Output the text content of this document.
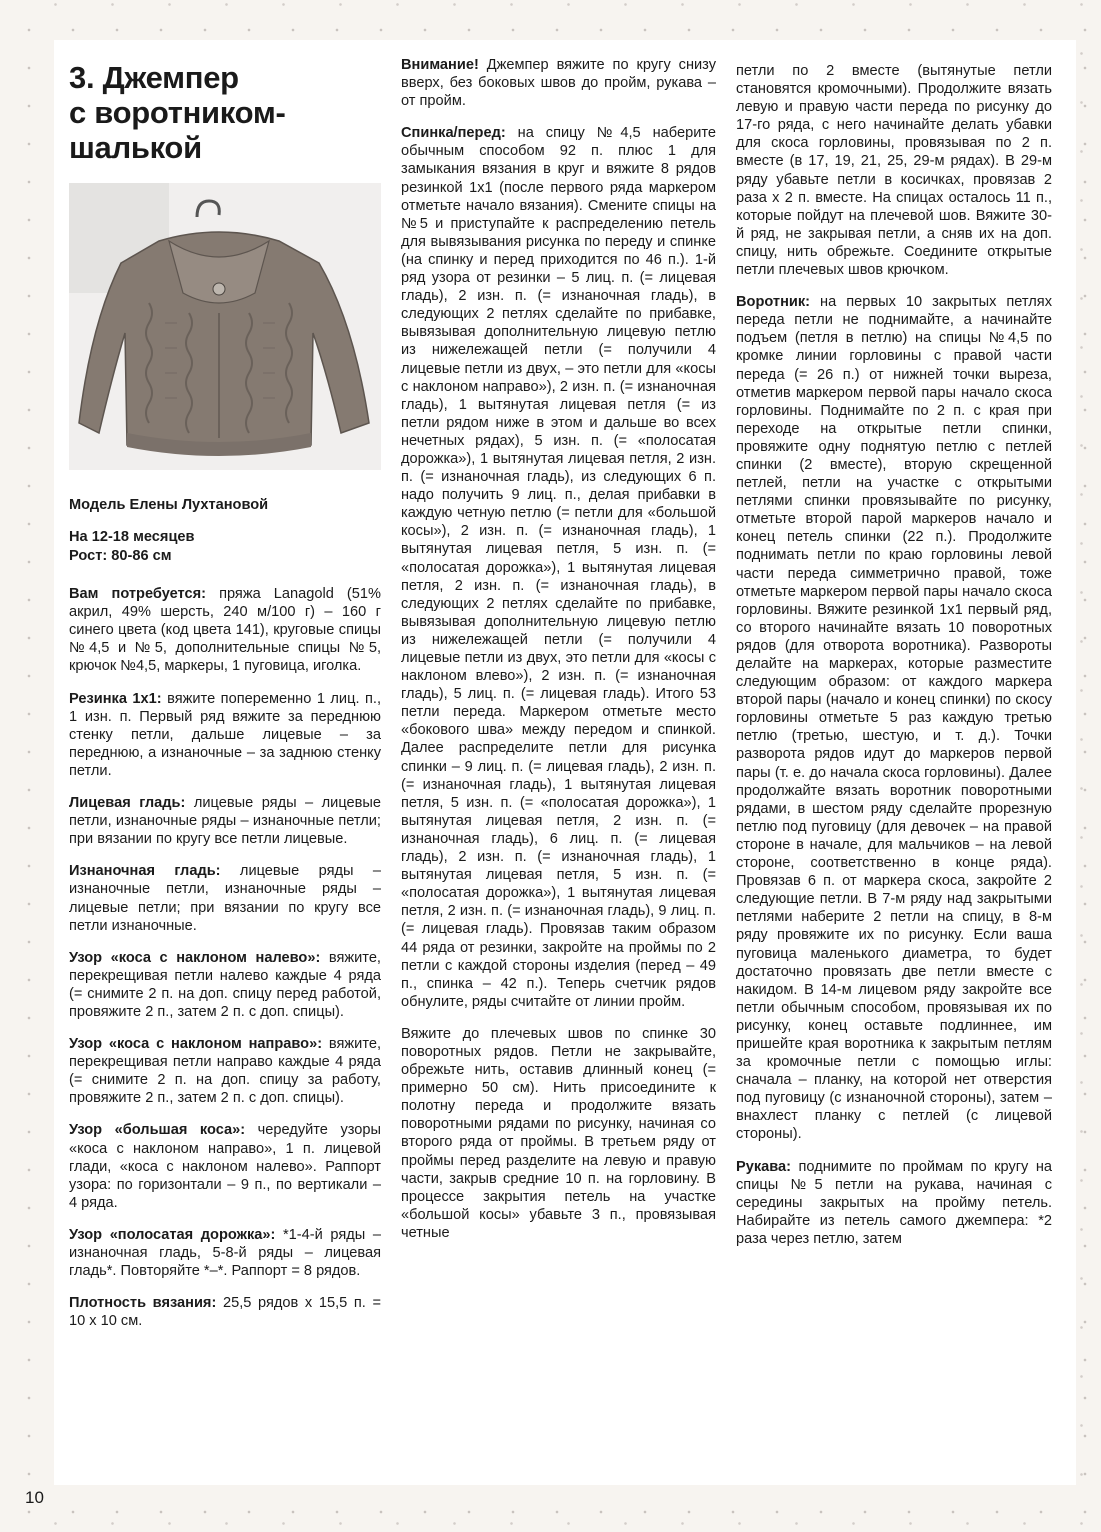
3. Джемпер
с воротником-
шалькой
Модель Елены Лухтановой
На 12-18 месяцев
Рост: 80-86 см

Вам потребуется: пряжа Lanagold (51% акрил, 49% шерсть, 240 м/100 г) – 160 г синего цвета (код цвета 141), круговые спицы №4,5 и №5, дополнительные спицы №5, крючок №4,5, маркеры, 1 пуговица, иголка.

Резинка 1х1: вяжите попеременно 1 лиц. п., 1 изн. п. Первый ряд вяжите за переднюю стенку петли, дальше лицевые – за переднюю, а изнаночные – за заднюю стенку петли.

Лицевая гладь: лицевые ряды – лицевые петли, изнаночные ряды – изнаночные петли; при вязании по кругу все петли лицевые.

Изнаночная гладь: лицевые ряды – изнаночные петли, изнаночные ряды – лицевые петли; при вязании по кругу все петли изнаночные.

Узор «коса с наклоном налево»: вяжите, перекрещивая петли налево каждые 4 ряда (= снимите 2 п. на доп. спицу перед работой, провяжите 2 п., затем 2 п. с доп. спицы).

Узор «коса с наклоном направо»: вяжите, перекрещивая петли направо каждые 4 ряда (= снимите 2 п. на доп. спицу за работу, провяжите 2 п., затем 2 п. с доп. спицы).

Узор «большая коса»: чередуйте узоры «коса с наклоном направо», 1 п. лицевой глади, «коса с наклоном налево». Раппорт узора: по горизонтали – 9 п., по вертикали – 4 ряда.

Узор «полосатая дорожка»: *1-4-й ряды – изнаночная гладь, 5-8-й ряды – лицевая гладь*. Повторяйте *–*. Раппорт = 8 рядов.

Плотность вязания: 25,5 рядов х 15,5 п. = 10 х 10 см.

Внимание! Джемпер вяжите по кругу снизу вверх, без боковых швов до пройм, рукава – от пройм.

Спинка/перед: на спицу №4,5 наберите обычным способом 92 п. плюс 1 для замыкания вязания в круг и вяжите 8 рядов резинкой 1х1 (после первого ряда маркером отметьте начало вязания). Смените спицы на №5 и приступайте к распределению петель для вывязывания рисунка по переду и спинке (на спинку и перед приходится по 46 п.). 1-й ряд узора от резинки – 5 лиц. п. (= лицевая гладь), 2 изн. п. (= изнаночная гладь), в следующих 2 петлях сделайте по прибавке, вывязывая дополнительную лицевую петлю из нижележащей петли (= получили 4 лицевые петли из двух, – это петли для «косы с наклоном направо»), 2 изн. п. (= изнаночная гладь), 1 вытянутая лицевая петля (= из петли рядом ниже в этом и дальше во всех нечетных рядах), 5 изн. п. (= «полосатая дорожка»), 1 вытянутая лицевая петля, 2 изн. п. (= изнаночная гладь), из следующих 6 п. надо получить 9 лиц. п., делая прибавки в каждую четную петлю (= петли для «большой косы»), 2 изн. п. (= изнаночная гладь), 1 вытянутая лицевая петля, 5 изн. п. (= «полосатая дорожка»), 1 вытянутая лицевая петля, 2 изн. п. (= изнаночная гладь), в следующих 2 петлях сделайте по прибавке, вывязывая дополнительную лицевую петлю из нижележащей петли (= получили 4 лицевые петли из двух, это петли для «косы с наклоном влево»), 2 изн. п. (= изнаночная гладь), 5 лиц. п. (= лицевая гладь). Итого 53 петли переда. Маркером отметьте место «бокового шва» между передом и спинкой. Далее распределите петли для рисунка спинки – 9 лиц. п. (= лицевая гладь), 2 изн. п. (= изнаночная гладь), 1 вытянутая лицевая петля, 5 изн. п. (= «полосатая дорожка»), 1 вытянутая лицевая петля, 2 изн. п. (= изнаночная гладь), 6 лиц. п. (= лицевая гладь), 2 изн. п. (= изнаночная гладь), 1 вытянутая лицевая петля, 5 изн. п. (= «полосатая дорожка»), 1 вытянутая лицевая петля, 2 изн. п. (= изнаночная гладь), 9 лиц. п. (= лицевая гладь). Провязав таким образом 44 ряда от резинки, закройте на проймы по 2 петли с каждой стороны изделия (перед – 49 п., спинка – 42 п.). Теперь счетчик рядов обнулите, ряды считайте от линии пройм.

Вяжите до плечевых швов по спинке 30 поворотных рядов. Петли не закрывайте, обрежьте нить, оставив длинный конец (= примерно 50 см). Нить присоедините к полотну переда и продолжите вязать поворотными рядами по рисунку, начиная со второго ряда от проймы. В третьем ряду от проймы перед разделите на левую и правую части, закрыв средние 10 п. на горловину. В процессе закрытия петель на участке «большой косы» убавьте 3 п., провязывая четные

петли по 2 вместе (вытянутые петли становятся кромочными). Продолжите вязать левую и правую части переда по рисунку до 17-го ряда, с него начинайте делать убавки для скоса горловины, провязывая по 2 п. вместе (в 17, 19, 21, 25, 29-м рядах). В 29-м ряду убавьте петли в косичках, провязав 2 раза х 2 п. вместе. На спицах осталось 11 п., которые пойдут на плечевой шов. Вяжите 30-й ряд, не закрывая петли, а сняв их на доп. спицу, нить обрежьте. Соедините открытые петли плечевых швов крючком.

Воротник: на первых 10 закрытых петлях переда петли не поднимайте, а начинайте подъем (петля в петлю) на спицы №4,5 по кромке линии горловины с правой части переда (= 26 п.) от нижней точки выреза, отметив маркером первой пары начало скоса горловины. Поднимайте по 2 п. с края при переходе на открытые петли спинки, провяжите одну поднятую петлю с петлей спинки (2 вместе), вторую скрещенной петлей, петли на участке с открытыми петлями спинки провязывайте по рисунку, отметьте второй парой маркеров начало и конец петель спинки (22 п.). Продолжите поднимать петли по краю горловины левой части переда симметрично правой, тоже отметьте маркером первой пары начало скоса горловины. Вяжите резинкой 1х1 первый ряд, со второго начинайте вязать 10 поворотных рядов (для отворота воротника). Развороты делайте на маркерах, которые разместите следующим образом: от каждого маркера второй пары (начало и конец спинки) по скосу горловины отметьте 5 раз каждую третью петлю (третью, шестую, и т. д.). Точки разворота рядов идут до маркеров первой пары (т. е. до начала скоса горловины). Далее продолжайте вязать воротник поворотными рядами, в шестом ряду сделайте прорезную петлю под пуговицу (для девочек – на правой стороне в начале, для мальчиков – на левой стороне, соответственно в конце ряда). Провязав 6 п. от маркера скоса, закройте 2 следующие петли. В 7-м ряду над закрытыми петлями наберите 2 петли на спицу, в 8-м ряду провяжите их по рисунку. Если ваша пуговица маленького диаметра, то будет достаточно провязать две петли вместе с накидом. В 14-м лицевом ряду закройте все петли обычным способом, провязывая их по рисунку, конец оставьте подлиннее, им пришейте края воротника к закрытым петлям за кромочные петли с помощью иглы: сначала – планку, на которой нет отверстия под пуговицу (с изнаночной стороны), затем – внахлест планку с петлей (с лицевой стороны).

Рукава: поднимите по проймам по кругу на спицы №5 петли на рукава, начиная с середины закрытых на пройму петель. Набирайте из петель самого джемпера: *2 раза через петлю, затем

10
